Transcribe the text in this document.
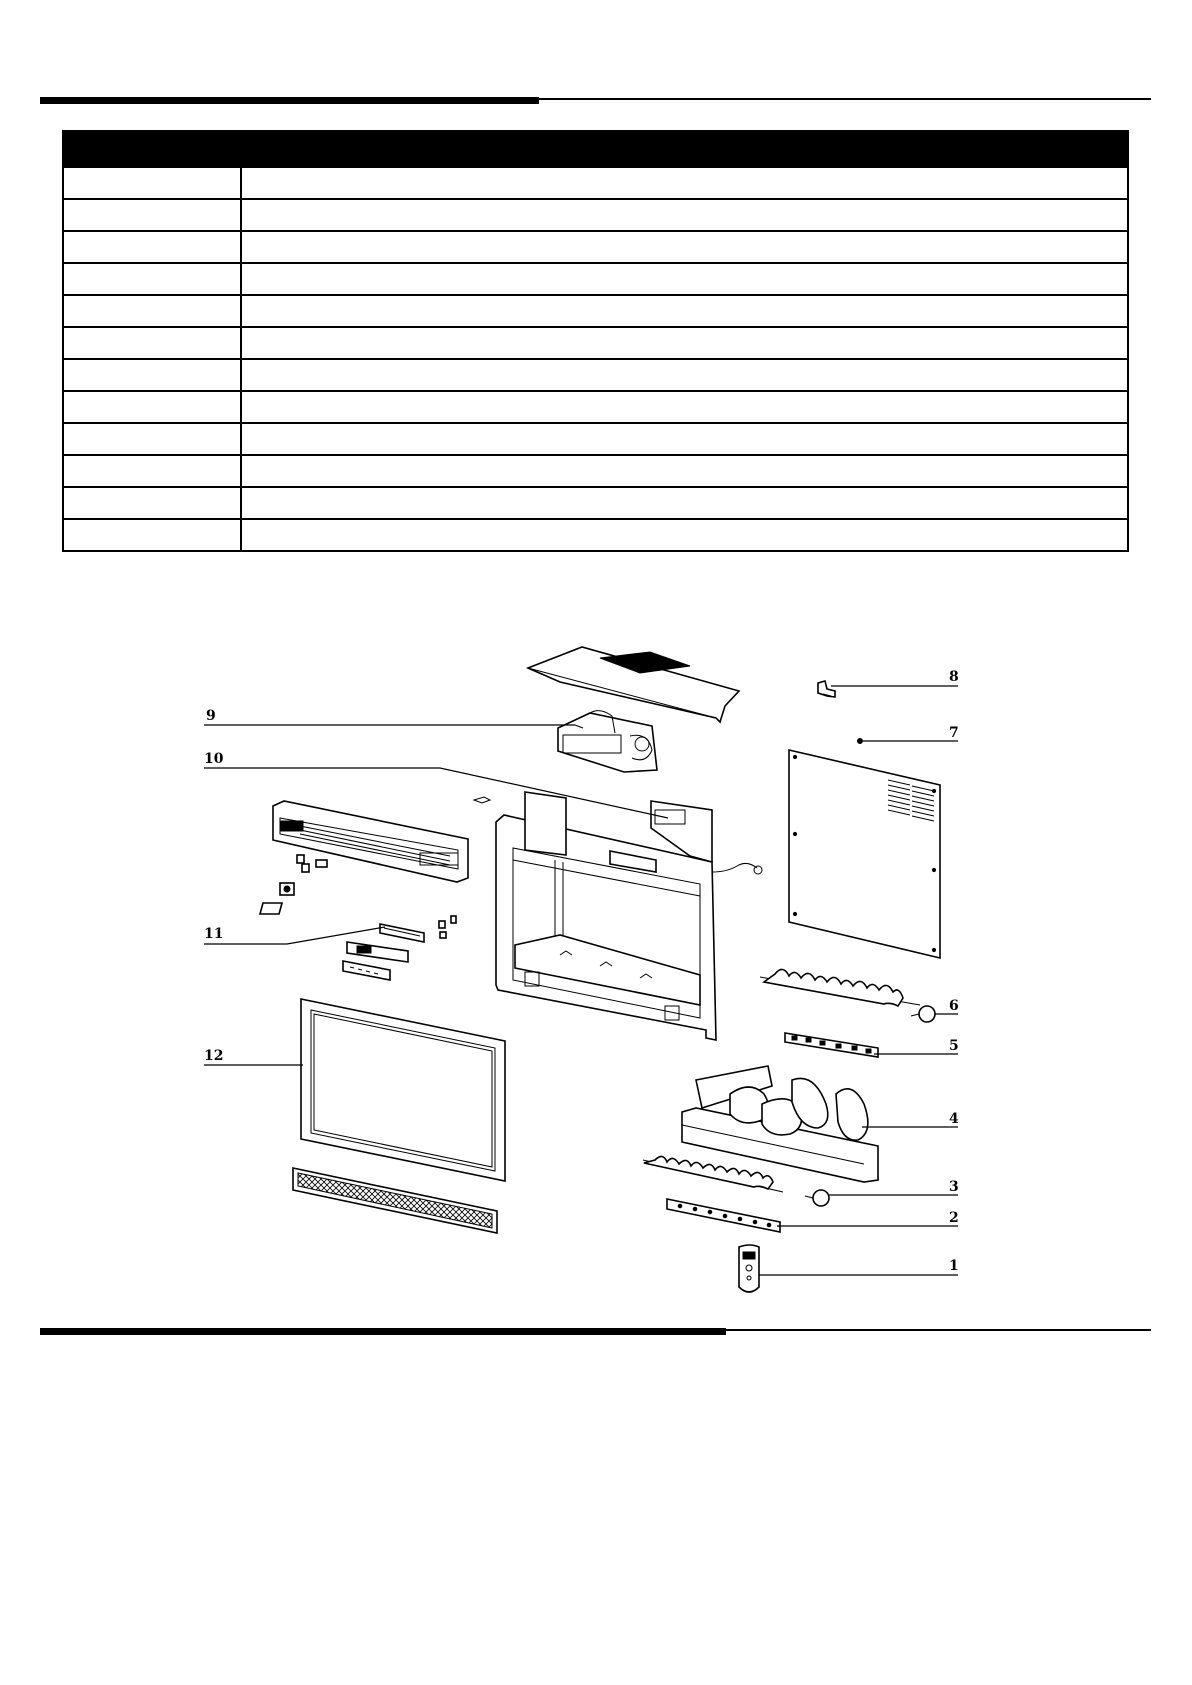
8
7
9
10
11
12
6
5
4
3
2
1
